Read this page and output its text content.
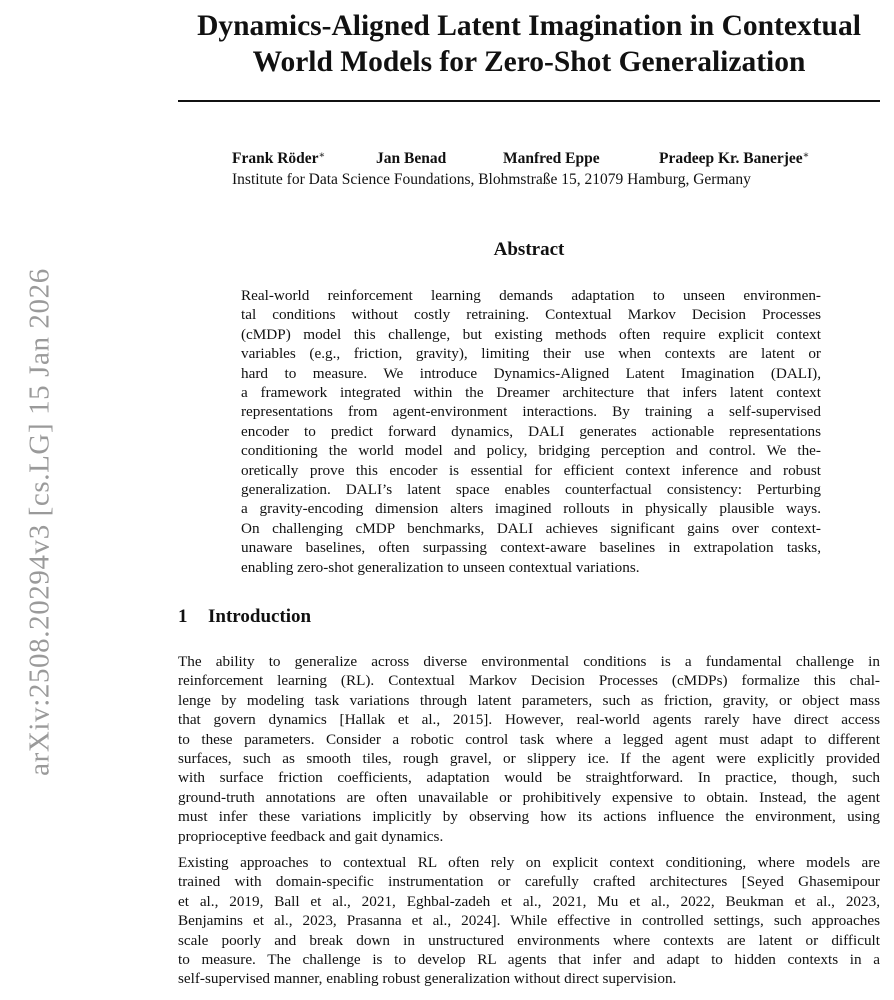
arXiv:2508.20294v3 [cs.LG] 15 Jan 2026
Dynamics-Aligned Latent Imagination in Contextual
World Models for Zero-Shot Generalization
Frank Röder∗	Jan Benad	Manfred Eppe	Pradeep Kr. Banerjee∗
Institute for Data Science Foundations, Blohmstraße 15, 21079 Hamburg, Germany
Abstract
Real-world reinforcement learning demands adaptation to unseen environmen-
tal conditions without costly retraining. Contextual Markov Decision Processes
(cMDP) model this challenge, but existing methods often require explicit context
variables (e.g., friction, gravity), limiting their use when contexts are latent or
hard to measure. We introduce Dynamics-Aligned Latent Imagination (DALI),
a framework integrated within the Dreamer architecture that infers latent context
representations from agent-environment interactions. By training a self-supervised
encoder to predict forward dynamics, DALI generates actionable representations
conditioning the world model and policy, bridging perception and control. We the-
oretically prove this encoder is essential for efficient context inference and robust
generalization. DALI’s latent space enables counterfactual consistency: Perturbing
a gravity-encoding dimension alters imagined rollouts in physically plausible ways.
On challenging cMDP benchmarks, DALI achieves significant gains over context-
unaware baselines, often surpassing context-aware baselines in extrapolation tasks,
enabling zero-shot generalization to unseen contextual variations.
1 Introduction
The ability to generalize across diverse environmental conditions is a fundamental challenge in
reinforcement learning (RL). Contextual Markov Decision Processes (cMDPs) formalize this chal-
lenge by modeling task variations through latent parameters, such as friction, gravity, or object mass
that govern dynamics [Hallak et al., 2015]. However, real-world agents rarely have direct access
to these parameters. Consider a robotic control task where a legged agent must adapt to different
surfaces, such as smooth tiles, rough gravel, or slippery ice. If the agent were explicitly provided
with surface friction coefficients, adaptation would be straightforward. In practice, though, such
ground-truth annotations are often unavailable or prohibitively expensive to obtain. Instead, the agent
must infer these variations implicitly by observing how its actions influence the environment, using
proprioceptive feedback and gait dynamics.
Existing approaches to contextual RL often rely on explicit context conditioning, where models are
trained with domain-specific instrumentation or carefully crafted architectures [Seyed Ghasemipour
et al., 2019, Ball et al., 2021, Eghbal-zadeh et al., 2021, Mu et al., 2022, Beukman et al., 2023,
Benjamins et al., 2023, Prasanna et al., 2024]. While effective in controlled settings, such approaches
scale poorly and break down in unstructured environments where contexts are latent or difficult
to measure. The challenge is to develop RL agents that infer and adapt to hidden contexts in a
self-supervised manner, enabling robust generalization without direct supervision.
